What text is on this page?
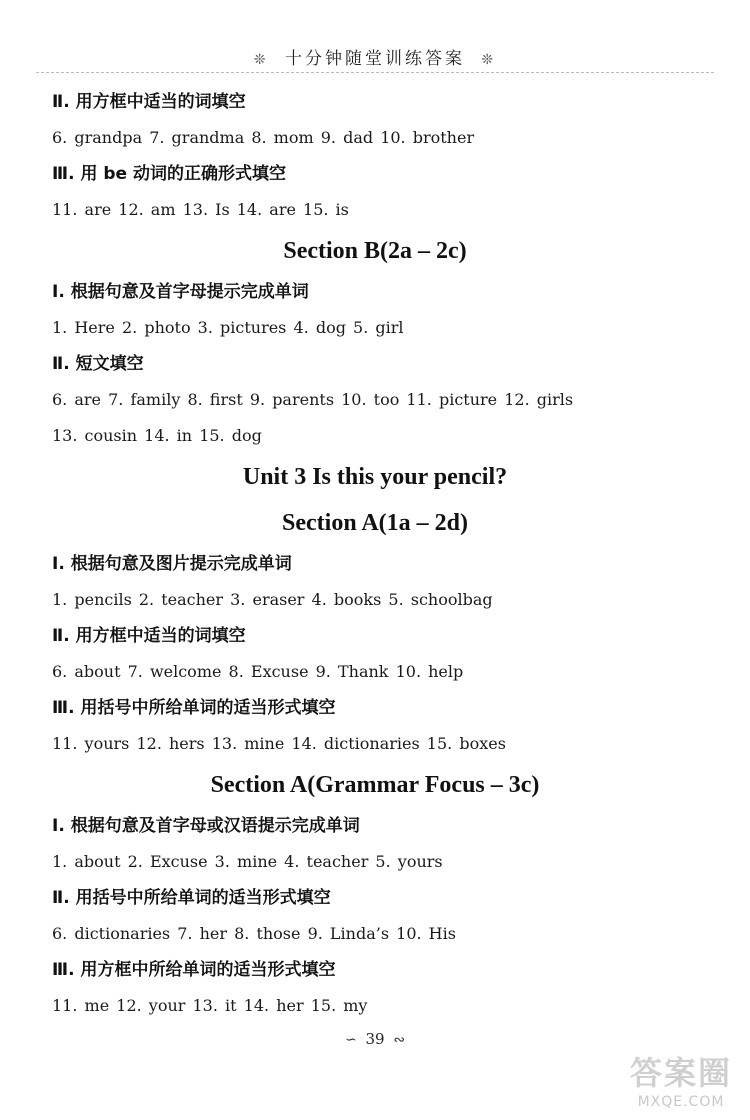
❊ 十分钟随堂训练答案 ❊
Ⅱ. 用方框中适当的词填空
6. grandpa 7. grandma 8. mom 9. dad 10. brother
Ⅲ. 用 be 动词的正确形式填空
11. are 12. am 13. Is 14. are 15. is
Section B(2a – 2c)
Ⅰ. 根据句意及首字母提示完成单词
1. Here 2. photo 3. pictures 4. dog 5. girl
Ⅱ. 短文填空
6. are 7. family 8. first 9. parents 10. too 11. picture 12. girls
13. cousin 14. in 15. dog
Unit 3 Is this your pencil?
Section A(1a – 2d)
Ⅰ. 根据句意及图片提示完成单词
1. pencils 2. teacher 3. eraser 4. books 5. schoolbag
Ⅱ. 用方框中适当的词填空
6. about 7. welcome 8. Excuse 9. Thank 10. help
Ⅲ. 用括号中所给单词的适当形式填空
11. yours 12. hers 13. mine 14. dictionaries 15. boxes
Section A(Grammar Focus – 3c)
Ⅰ. 根据句意及首字母或汉语提示完成单词
1. about 2. Excuse 3. mine 4. teacher 5. yours
Ⅱ. 用括号中所给单词的适当形式填空
6. dictionaries 7. her 8. those 9. Linda’s 10. His
Ⅲ. 用方框中所给单词的适当形式填空
11. me 12. your 13. it 14. her 15. my
∽ 39 ∾
答案圈
MXQE.COM
